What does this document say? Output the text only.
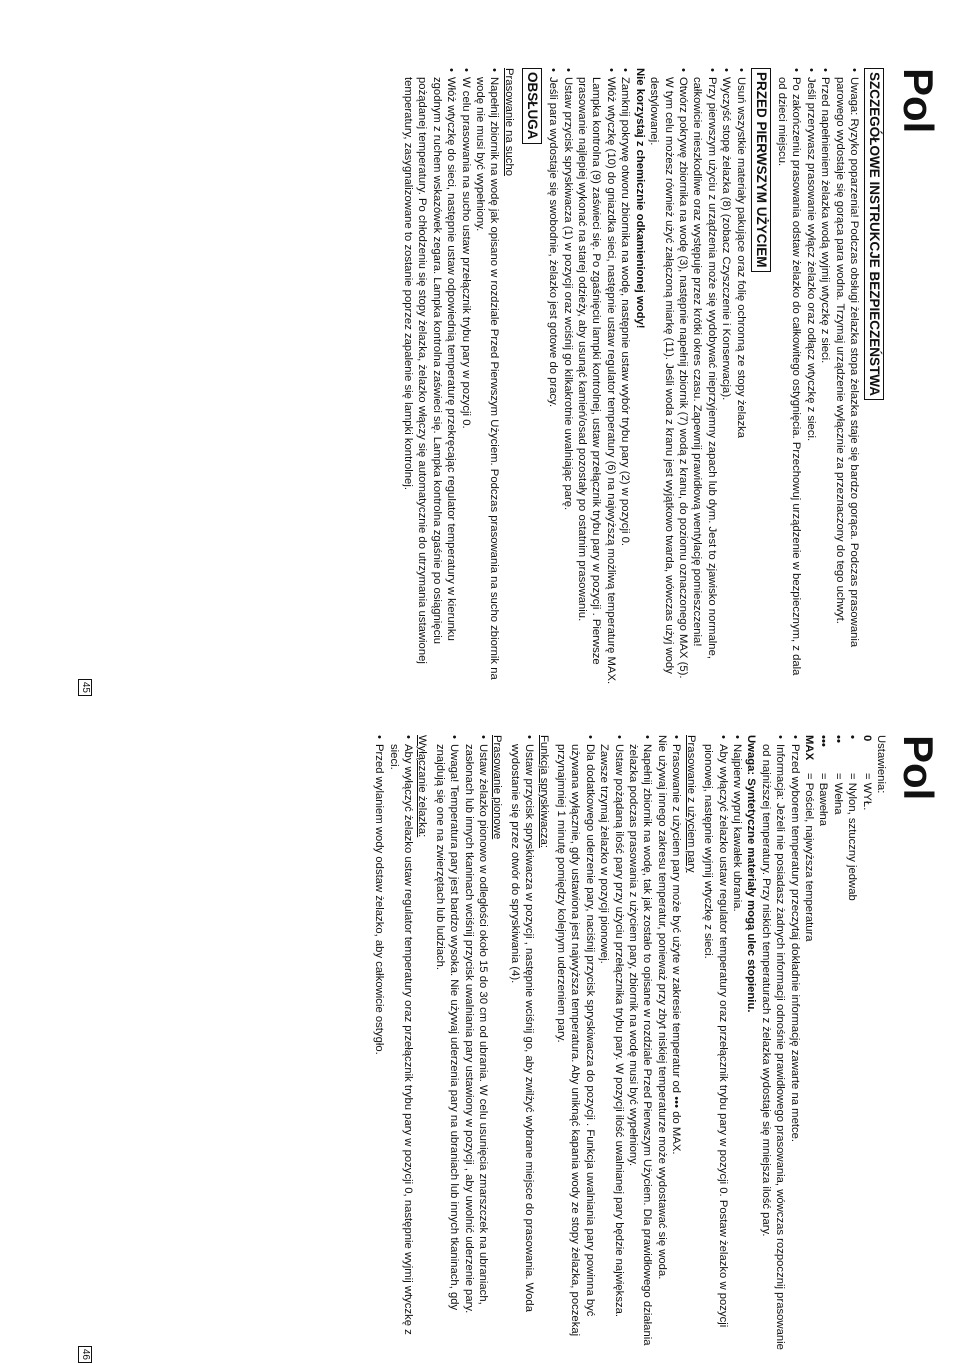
Pol
SZCZEGÓŁOWE INSTRUKCJE BEZPIECZEŃSTWA
• Uwaga: Ryzyko poparzenia! Podczas obsługi żelazka stopa żelazka staje się bardzo gorąca. Podczas prasowania parowego wydostaje się gorąca para wodna. Trzymaj urządzenie wyłącznie za przeznaczony do tego uchwyt.
• Przed napełnieniem żelazka wodą wyjmij wtyczkę z sieci.
• Jeśli przerywasz prasowanie wyłącz żelazko oraz odłącz wtyczkę z sieci.
• Po zakończeniu prasowania odstaw żelazko do całkowitego ostygnięcia. Przechowuj urządzenie w bezpiecznym, z dala od dzieci miejscu.
PRZED PIERWSZYM UŻYCIEM
• Usuń wszystkie materiały pakujące oraz folię ochronną ze stopy żelazka
• Wyczyść stopę żelazka (8) (zobacz Czyszczenie i Konserwacja).
• Przy pierwszym użyciu z urządzenia może się wydobywać nieprzyjemny zapach lub dym. Jest to zjawisko normalne, całkowicie nieszkodliwe oraz występuje przez krótki okres czasu. Zapewnij prawidłową wentylację pomieszczenia!
• Otwórz pokrywę zbiornika na wodę (3), następnie napełnij zbiornik (7) wodą z kranu, do poziomu oznaczonego MAX (5). W tym celu możesz również użyć załączoną miarkę (11). Jeśli woda z kranu jest wyjątkowo twarda, wówczas użyj wody destylowanej.
Nie korzystaj z chemicznie odkamienionej wody!
• Zamknij pokrywę otworu zbiornika na wodę, następnie ustaw wybór trybu pary (2) w pozycji 0.
• Włóż wtyczkę (10) do gniazdka sieci, następnie ustaw regulator temperatury (6) na najwyższą możliwą temperaturę MAX. Lampka kontrolna (9) zaświeci się. Po zgaśnięciu lampki kontrolnej, ustaw przełącznik trybu pary w pozycji . Pierwsze prasowanie najlepiej wykonać na starej odzieży, aby usunąć kamień/osad pozostały po ostatnim prasowaniu.
• Ustaw przycisk spryskiwacza (1) w pozycji oraz wciśnij go kilkakrotnie uwalniając parę.
• Jeśli para wydostaje się swobodnie, żelazko jest gotowe do pracy.
OBSŁUGA
Prasowanie na sucho
• Napełnij zbiornik na wodę jak opisano w rozdziale Przed Pierwszym Użyciem. Podczas prasowania na sucho zbiornik na wodę nie musi być wypełniony.
• W celu prasowania na sucho ustaw przełącznik trybu pary w pozycji 0.
• Włóż wtyczkę do sieci, następnie ustaw odpowiednią temperaturę przekręcając regulator temperatury w kierunku zgodnym z ruchem wskazówek zegara. Lampka kontrolna zaświeci się. Lampka kontrolna zgaśnie po osiągnięciu pożądanej temperatury. Po chłodzeniu się stopy żelazka, żelazko włączy się automatycznie do utrzymania ustawionej temperatury, zasygnalizowane to zostanie poprzez zapalenie się lampki kontrolnej.
45
Pol
Ustawienia:
0
= WYŁ.
•
= Nylon, sztuczny jedwab
••
= Wełna
•••
= Bawełna
MAX
= Pościel, najwyższa temperatura
• Przed wyborem temperatury przeczytaj dokładnie informację zawarte na metce.
• Informacja: Jeżeli nie posiadasz żadnych informacji odnośnie prawidłowego prasowania, wówczas rozpocznij prasowanie od najniższej temperatury. Przy niskich temperaturach z żelazka wydostaje się mniejsza ilość pary.
Uwaga: Syntetyczne materiały mogą ulec stopieniu.
• Najpierw wypruj kawałek ubrania.
• Aby wyłączyć żelazko ustaw regulator temperatury oraz przełącznik trybu pary w pozycji 0. Postaw żelazko w pozycji pionowej, następnie wyjmij wtyczkę z sieci.
Prasowanie z użyciem pary
• Prasowanie z użyciem pary może być użyte w zakresie temperatur od ••• do MAX.
Nie używaj innego zakresu temperatur, ponieważ przy zbyt niskiej temperaturze może wydostawać się woda.
• Napełnij zbiornik na wodę, tak jak zostało to opisane w rozdziale Przed Pierwszym Użyciem. Dla prawidłowego działania żelazka podczas prasowania z użyciem pary, zbiornik na wodę musi być wypełniony.
• Ustaw pożądaną ilość pary przy użyciu przełącznika trybu pary. W pozycji ilość uwalnianej pary będzie największa. Zawsze trzymaj żelazko w pozycji pionowej.
• Dla dodatkowego uderzenie pary, naciśnij przycisk spryskiwacza do pozycji . Funkcja uwalniania pary powinna być używana wyłącznie, gdy ustawiona jest najwyższa temperatura. Aby uniknąć kapania wody ze stopy żelazka, poczekaj przynajmniej 1 minutę pomiędzy kolejnym uderzeniem pary.
Funkcja spryskiwacza:
• Ustaw przycisk spryskiwacza w pozycji , następnie wciśnij go, aby zwilżyć wybrane miejsce do prasowania. Woda wydostanie się przez otwór do spryskiwania (4).
Prasowanie pionowe
• Ustaw żelazko pionowo w odległości około 15 do 30 cm od ubrania. W celu usunięcia zmarszczek na ubraniach, zasłonach lub innych tkaninach wciśnij przycisk uwalniania pary ustawiony w pozycji , aby uwolnić uderzenie pary.
• Uwaga! Temperatura pary jest bardzo wysoka. Nie używaj uderzenia pary na ubraniach lub innych tkaninach, gdy znajdują się one na zwierzętach lub ludziach.
Wyłączanie żelazka:
• Aby wyłączyć żelazko ustaw regulator temperatury oraz przełącznik trybu pary w pozycji 0, następnie wyjmij wtyczkę z sieci.
• Przed wylaniem wody odstaw żelazko, aby całkowicie ostygło.
46
